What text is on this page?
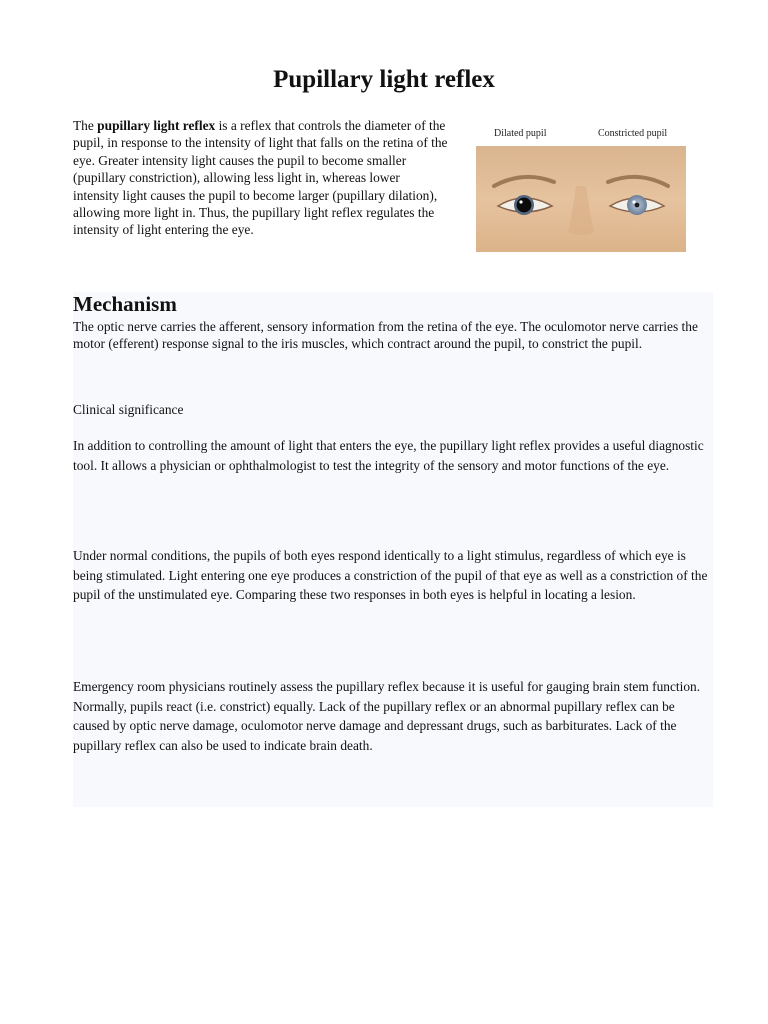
Pupillary light reflex

The pupillary light reflex is a reflex that controls the diameter of the pupil, in response to the intensity of light that falls on the retina of the eye. Greater intensity light causes the pupil to become smaller (pupillary constriction), allowing less light in, whereas lower intensity light causes the pupil to become larger (pupillary dilation), allowing more light in. Thus, the pupillary light reflex regulates the intensity of light entering the eye.

Dilated pupil	Constricted pupil
Mechanism

The optic nerve carries the afferent, sensory information from the retina of the eye. The oculomotor nerve carries the motor (efferent) response signal to the iris muscles, which contract around the pupil, to constrict the pupil.

Clinical significance

In addition to controlling the amount of light that enters the eye, the pupillary light reflex provides a useful diagnostic tool. It allows a physician or ophthalmologist to test the integrity of the sensory and motor functions of the eye.

Under normal conditions, the pupils of both eyes respond identically to a light stimulus, regardless of which eye is being stimulated. Light entering one eye produces a constriction of the pupil of that eye as well as a constriction of the pupil of the unstimulated eye. Comparing these two responses in both eyes is helpful in locating a lesion.

Emergency room physicians routinely assess the pupillary reflex because it is useful for gauging brain stem function. Normally, pupils react (i.e. constrict) equally. Lack of the pupillary reflex or an abnormal pupillary reflex can be caused by optic nerve damage, oculomotor nerve damage and depressant drugs, such as barbiturates. Lack of the pupillary reflex can also be used to indicate brain death.
